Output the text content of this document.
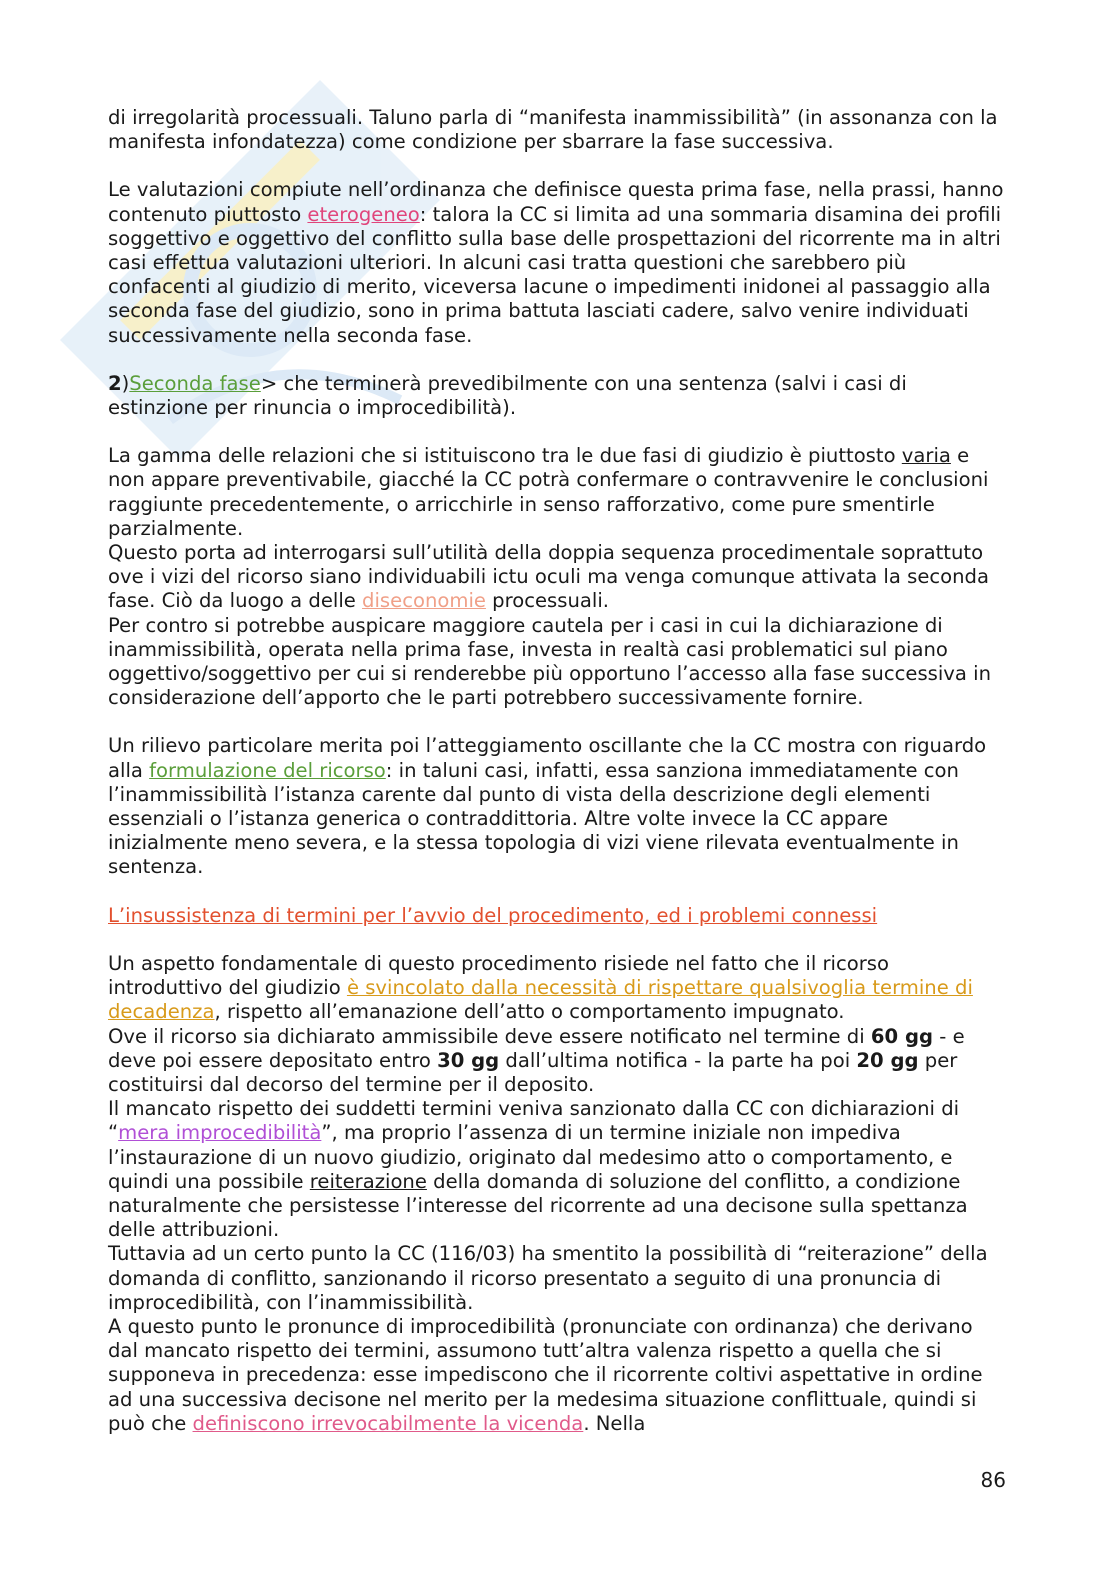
di irregolarità processuali. Taluno parla di “manifesta inammissibilità” (in assonanza con la manifesta infondatezza) come condizione per sbarrare la fase successiva.

Le valutazioni compiute nell’ordinanza che definisce questa prima fase, nella prassi, hanno contenuto piuttosto eterogeneo: talora la CC si limita ad una sommaria disamina dei profili soggettivo e oggettivo del conflitto sulla base delle prospettazioni del ricorrente ma in altri casi effettua valutazioni ulteriori. In alcuni casi tratta questioni che sarebbero più confacenti al giudizio di merito, viceversa lacune o impedimenti inidonei al passaggio alla seconda fase del giudizio, sono in prima battuta lasciati cadere, salvo venire individuati successivamente nella seconda fase.

2)Seconda fase> che terminerà prevedibilmente con una sentenza (salvi i casi di estinzione per rinuncia o improcedibilità).

La gamma delle relazioni che si istituiscono tra le due fasi di giudizio è piuttosto varia e non appare preventivabile, giacché la CC potrà confermare o contravvenire le conclusioni raggiunte precedentemente, o arricchirle in senso rafforzativo, come pure smentirle parzialmente.

Questo porta ad interrogarsi sull’utilità della doppia sequenza procedimentale soprattuto ove i vizi del ricorso siano individuabili ictu oculi ma venga comunque attivata la seconda fase. Ciò da luogo a delle diseconomie processuali.

Per contro si potrebbe auspicare maggiore cautela per i casi in cui la dichiarazione di inammissibilità, operata nella prima fase, investa in realtà casi problematici sul piano oggettivo/soggettivo per cui si renderebbe più opportuno l’accesso alla fase successiva in considerazione dell’apporto che le parti potrebbero successivamente fornire.

Un rilievo particolare merita poi l’atteggiamento oscillante che la CC mostra con riguardo alla formulazione del ricorso: in taluni casi, infatti, essa sanziona immediatamente con l’inammissibilità l’istanza carente dal punto di vista della descrizione degli elementi essenziali o l’istanza generica o contraddittoria. Altre volte invece la CC appare inizialmente meno severa, e la stessa topologia di vizi viene rilevata eventualmente in sentenza.

L’insussistenza di termini per l’avvio del procedimento, ed i problemi connessi

Un aspetto fondamentale di questo procedimento risiede nel fatto che il ricorso introduttivo del giudizio è svincolato dalla necessità di rispettare qualsivoglia termine di decadenza, rispetto all’emanazione dell’atto o comportamento impugnato.

Ove il ricorso sia dichiarato ammissibile deve essere notificato nel termine di 60 gg - e deve poi essere depositato entro 30 gg dall’ultima notifica - la parte ha poi 20 gg per costituirsi dal decorso del termine per il deposito.

Il mancato rispetto dei suddetti termini veniva sanzionato dalla CC con dichiarazioni di “mera improcedibilità”, ma proprio l’assenza di un termine iniziale non impediva l’instaurazione di un nuovo giudizio, originato dal medesimo atto o comportamento, e quindi una possibile reiterazione della domanda di soluzione del conflitto, a condizione naturalmente che persistesse l’interesse del ricorrente ad una decisone sulla spettanza delle attribuzioni.

Tuttavia ad un certo punto la CC (116/03) ha smentito la possibilità di “reiterazione” della domanda di conflitto, sanzionando il ricorso presentato a seguito di una pronuncia di improcedibilità, con l’inammissibilità.

A questo punto le pronunce di improcedibilità (pronunciate con ordinanza) che derivano dal mancato rispetto dei termini, assumono tutt’altra valenza rispetto a quella che si supponeva in precedenza: esse impediscono che il ricorrente coltivi aspettative in ordine ad una successiva decisone nel merito per la medesima situazione conflittuale, quindi si può che definiscono irrevocabilmente la vicenda. Nella

86
